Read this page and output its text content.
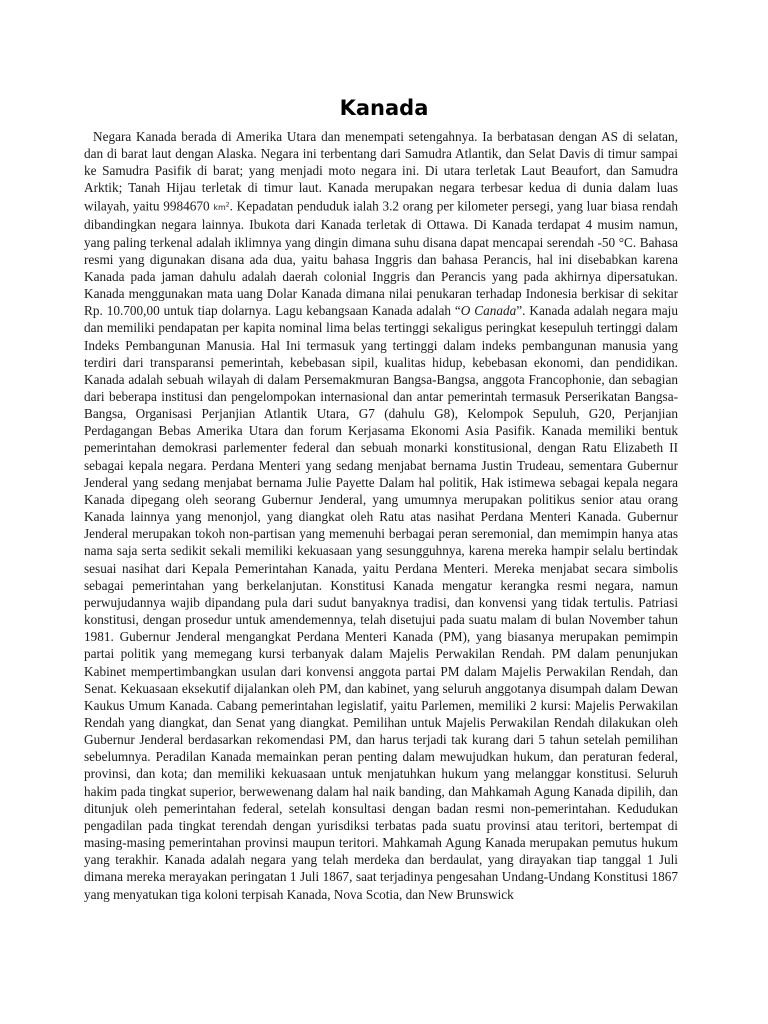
Kanada

Negara Kanada berada di Amerika Utara dan menempati setengahnya. Ia berbatasan dengan AS di selatan, dan di barat laut dengan Alaska. Negara ini terbentang dari Samudra Atlantik, dan Selat Davis di timur sampai ke Samudra Pasifik di barat; yang menjadi moto negara ini. Di utara terletak Laut Beaufort, dan Samudra Arktik; Tanah Hijau terletak di timur laut. Kanada merupakan negara terbesar kedua di dunia dalam luas wilayah, yaitu 9984670 $km^2$. Kepadatan penduduk ialah 3.2 orang per kilometer persegi, yang luar biasa rendah dibandingkan negara lainnya. Ibukota dari Kanada terletak di Ottawa. Di Kanada terdapat 4 musim namun, yang paling terkenal adalah iklimnya yang dingin dimana suhu disana dapat mencapai serendah -50 °C. Bahasa resmi yang digunakan disana ada dua, yaitu bahasa Inggris dan bahasa Perancis, hal ini disebabkan karena Kanada pada jaman dahulu adalah daerah colonial Inggris dan Perancis yang pada akhirnya dipersatukan. Kanada menggunakan mata uang Dolar Kanada dimana nilai penukaran terhadap Indonesia berkisar di sekitar Rp. 10.700,00 untuk tiap dolarnya. Lagu kebangsaan Kanada adalah “O Canada”. Kanada adalah negara maju dan memiliki pendapatan per kapita nominal lima belas tertinggi sekaligus peringkat kesepuluh tertinggi dalam Indeks Pembangunan Manusia. Hal Ini termasuk yang tertinggi dalam indeks pembangunan manusia yang terdiri dari transparansi pemerintah, kebebasan sipil, kualitas hidup, kebebasan ekonomi, dan pendidikan. Kanada adalah sebuah wilayah di dalam Persemakmuran Bangsa-Bangsa, anggota Francophonie, dan sebagian dari beberapa institusi dan pengelompokan internasional dan antar pemerintah termasuk Perserikatan Bangsa-Bangsa, Organisasi Perjanjian Atlantik Utara, G7 (dahulu G8), Kelompok Sepuluh, G20, Perjanjian Perdagangan Bebas Amerika Utara dan forum Kerjasama Ekonomi Asia Pasifik. Kanada memiliki bentuk pemerintahan demokrasi parlementer federal dan sebuah monarki konstitusional, dengan Ratu Elizabeth II sebagai kepala negara. Perdana Menteri yang sedang menjabat bernama Justin Trudeau, sementara Gubernur Jenderal yang sedang menjabat bernama Julie Payette Dalam hal politik, Hak istimewa sebagai kepala negara Kanada dipegang oleh seorang Gubernur Jenderal, yang umumnya merupakan politikus senior atau orang Kanada lainnya yang menonjol, yang diangkat oleh Ratu atas nasihat Perdana Menteri Kanada. Gubernur Jenderal merupakan tokoh non-partisan yang memenuhi berbagai peran seremonial, dan memimpin hanya atas nama saja serta sedikit sekali memiliki kekuasaan yang sesungguhnya, karena mereka hampir selalu bertindak sesuai nasihat dari Kepala Pemerintahan Kanada, yaitu Perdana Menteri. Mereka menjabat secara simbolis sebagai pemerintahan yang berkelanjutan. Konstitusi Kanada mengatur kerangka resmi negara, namun perwujudannya wajib dipandang pula dari sudut banyaknya tradisi, dan konvensi yang tidak tertulis. Patriasi konstitusi, dengan prosedur untuk amendemennya, telah disetujui pada suatu malam di bulan November tahun 1981. Gubernur Jenderal mengangkat Perdana Menteri Kanada (PM), yang biasanya merupakan pemimpin partai politik yang memegang kursi terbanyak dalam Majelis Perwakilan Rendah. PM dalam penunjukan Kabinet mempertimbangkan usulan dari konvensi anggota partai PM dalam Majelis Perwakilan Rendah, dan Senat. Kekuasaan eksekutif dijalankan oleh PM, dan kabinet, yang seluruh anggotanya disumpah dalam Dewan Kaukus Umum Kanada. Cabang pemerintahan legislatif, yaitu Parlemen, memiliki 2 kursi: Majelis Perwakilan Rendah yang diangkat, dan Senat yang diangkat. Pemilihan untuk Majelis Perwakilan Rendah dilakukan oleh Gubernur Jenderal berdasarkan rekomendasi PM, dan harus terjadi tak kurang dari 5 tahun setelah pemilihan sebelumnya. Peradilan Kanada memainkan peran penting dalam mewujudkan hukum, dan peraturan federal, provinsi, dan kota; dan memiliki kekuasaan untuk menjatuhkan hukum yang melanggar konstitusi. Seluruh hakim pada tingkat superior, berwewenang dalam hal naik banding, dan Mahkamah Agung Kanada dipilih, dan ditunjuk oleh pemerintahan federal, setelah konsultasi dengan badan resmi non-pemerintahan. Kedudukan pengadilan pada tingkat terendah dengan yurisdiksi terbatas pada suatu provinsi atau teritori, bertempat di masing-masing pemerintahan provinsi maupun teritori. Mahkamah Agung Kanada merupakan pemutus hukum yang terakhir. Kanada adalah negara yang telah merdeka dan berdaulat, yang dirayakan tiap tanggal 1 Juli dimana mereka merayakan peringatan 1 Juli 1867, saat terjadinya pengesahan Undang-Undang Konstitusi 1867 yang menyatukan tiga koloni terpisah Kanada, Nova Scotia, dan New Brunswick
